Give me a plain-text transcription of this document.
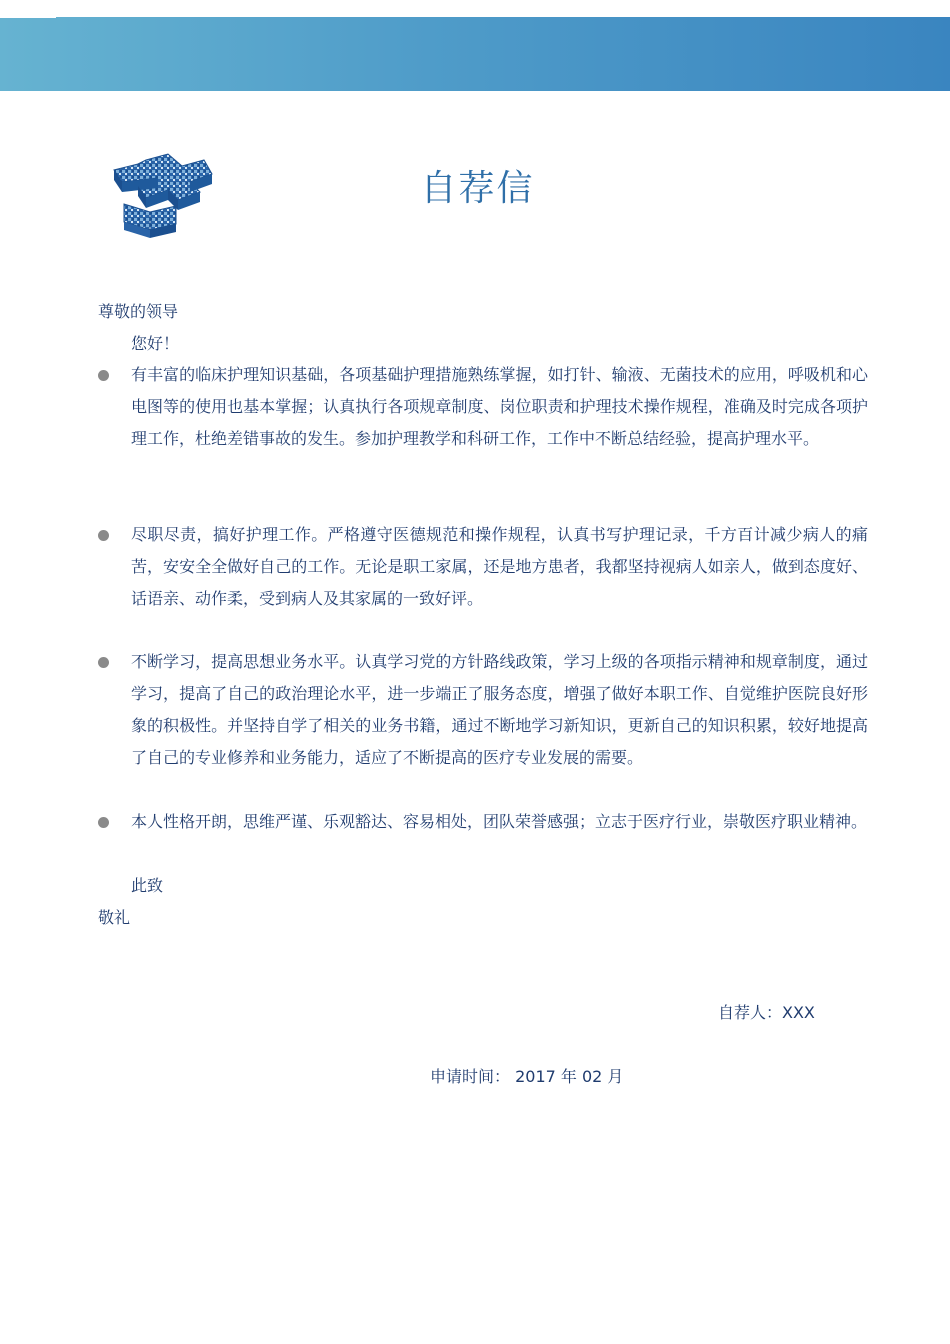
自荐信
尊敬的领导
您好！

有丰富的临床护理知识基础，各项基础护理措施熟练掌握，如打针、输液、无菌技术的应用，呼吸机和心电图等的使用也基本掌握；认真执行各项规章制度、岗位职责和护理技术操作规程，准确及时完成各项护理工作，杜绝差错事故的发生。参加护理教学和科研工作，工作中不断总结经验，提高护理水平。

尽职尽责，搞好护理工作。严格遵守医德规范和操作规程，认真书写护理记录，千方百计减少病人的痛苦，安安全全做好自己的工作。无论是职工家属，还是地方患者，我都坚持视病人如亲人，做到态度好、话语亲、动作柔，受到病人及其家属的一致好评。

不断学习，提高思想业务水平。认真学习党的方针路线政策，学习上级的各项指示精神和规章制度，通过学习，提高了自己的政治理论水平，进一步端正了服务态度，增强了做好本职工作、自觉维护医院良好形象的积极性。并坚持自学了相关的业务书籍，通过不断地学习新知识，更新自己的知识积累，较好地提高了自己的专业修养和业务能力，适应了不断提高的医疗专业发展的需要。

本人性格开朗，思维严谨、乐观豁达、容易相处，团队荣誉感强；立志于医疗行业，崇敬医疗职业精神。

此致
敬礼
自荐人：XXX
申请时间： 2017 年 02 月
